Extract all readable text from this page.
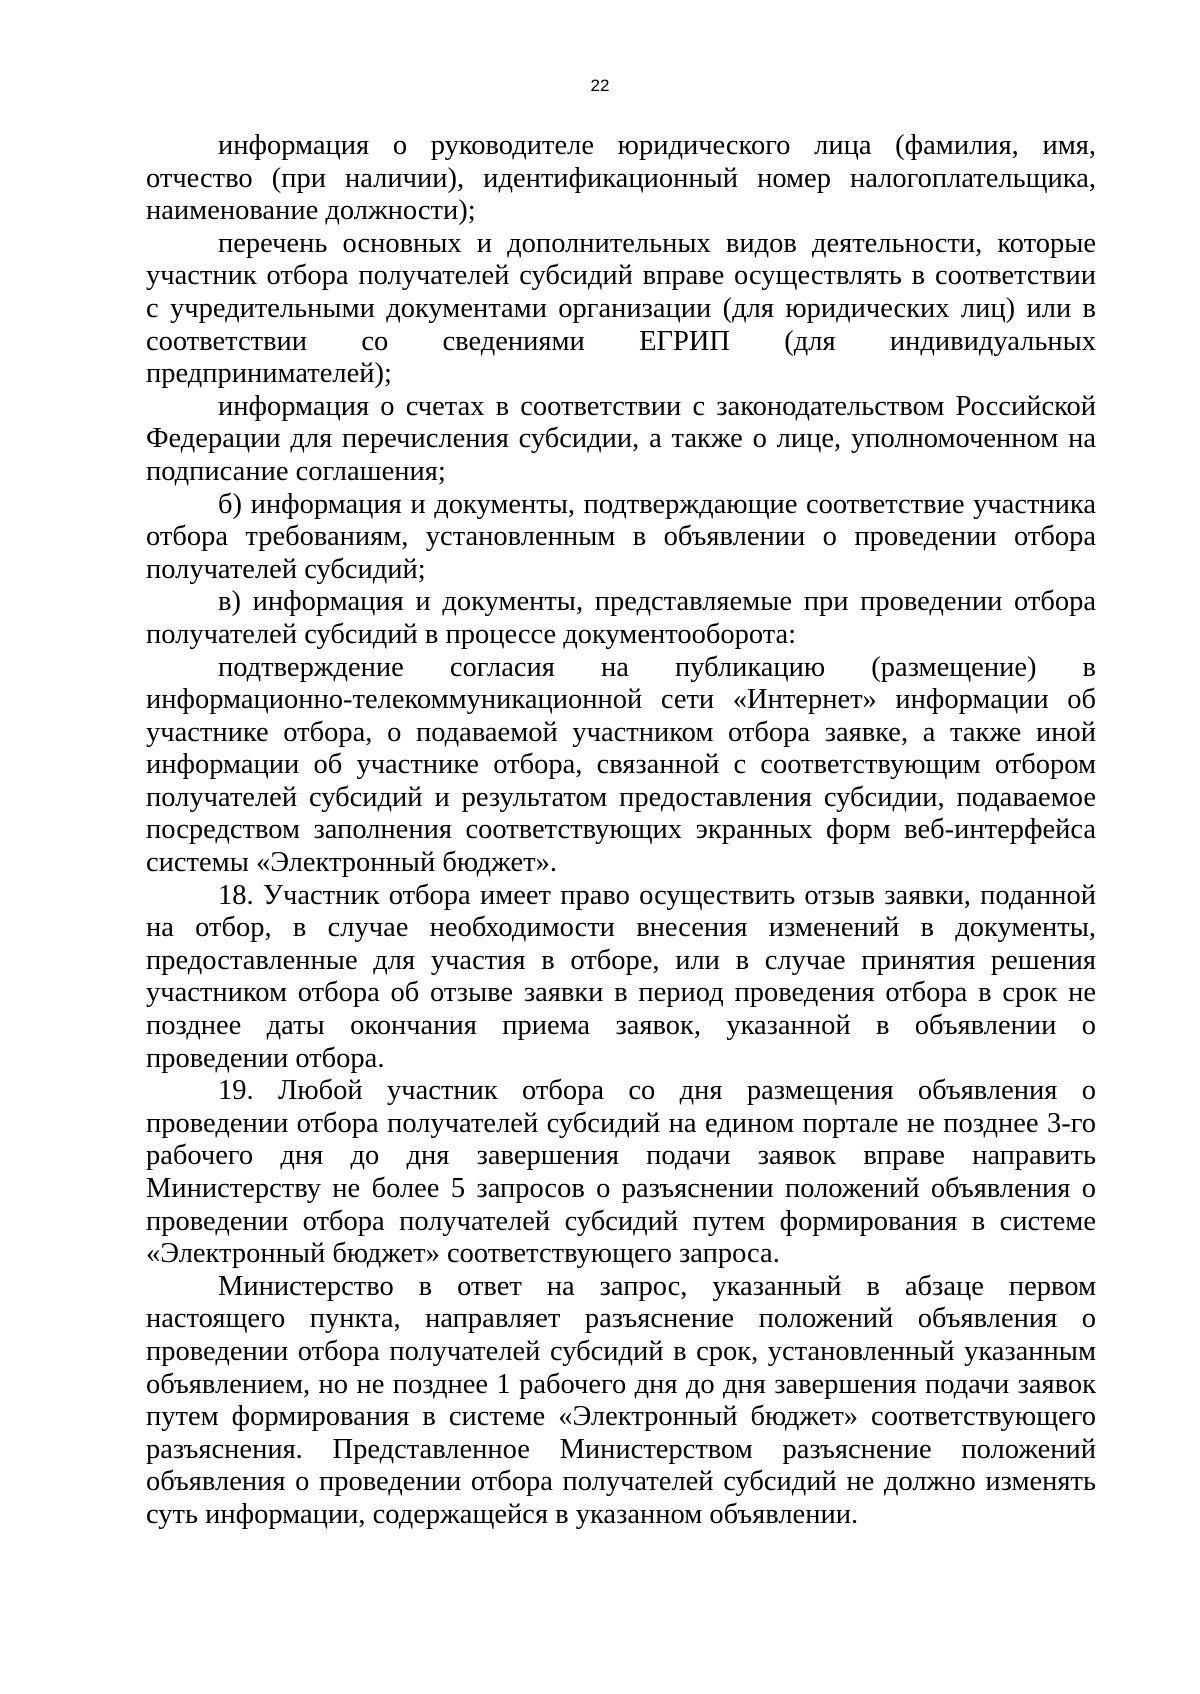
22

информация о руководителе юридического лица (фамилия, имя, отчество (при наличии), идентификационный номер налогоплательщика, наименование должности);

перечень основных и дополнительных видов деятельности, которые участник отбора получателей субсидий вправе осуществлять в соответствии с учредительными документами организации (для юридических лиц) или в соответствии со сведениями ЕГРИП (для индивидуальных предпринимателей);

информация о счетах в соответствии с законодательством Российской Федерации для перечисления субсидии, а также о лице, уполномоченном на подписание соглашения;

б) информация и документы, подтверждающие соответствие участника отбора требованиям, установленным в объявлении о проведении отбора получателей субсидий;

в) информация и документы, представляемые при проведении отбора получателей субсидий в процессе документооборота:

подтверждение согласия на публикацию (размещение) в информационно-телекоммуникационной сети «Интернет» информации об участнике отбора, о подаваемой участником отбора заявке, а также иной информации об участнике отбора, связанной с соответствующим отбором получателей субсидий и результатом предоставления субсидии, подаваемое посредством заполнения соответствующих экранных форм веб-интерфейса системы «Электронный бюджет».

18. Участник отбора имеет право осуществить отзыв заявки, поданной на отбор, в случае необходимости внесения изменений в документы, предоставленные для участия в отборе, или в случае принятия решения участником отбора об отзыве заявки в период проведения отбора в срок не позднее даты окончания приема заявок, указанной в объявлении о проведении отбора.

19. Любой участник отбора со дня размещения объявления о проведении отбора получателей субсидий на едином портале не позднее 3-го рабочего дня до дня завершения подачи заявок вправе направить Министерству не более 5 запросов о разъяснении положений объявления о проведении отбора получателей субсидий путем формирования в системе «Электронный бюджет» соответствующего запроса.

Министерство в ответ на запрос, указанный в абзаце первом настоящего пункта, направляет разъяснение положений объявления о проведении отбора получателей субсидий в срок, установленный указанным объявлением, но не позднее 1 рабочего дня до дня завершения подачи заявок путем формирования в системе «Электронный бюджет» соответствующего разъяснения. Представленное Министерством разъяснение положений объявления о проведении отбора получателей субсидий не должно изменять суть информации, содержащейся в указанном объявлении.
